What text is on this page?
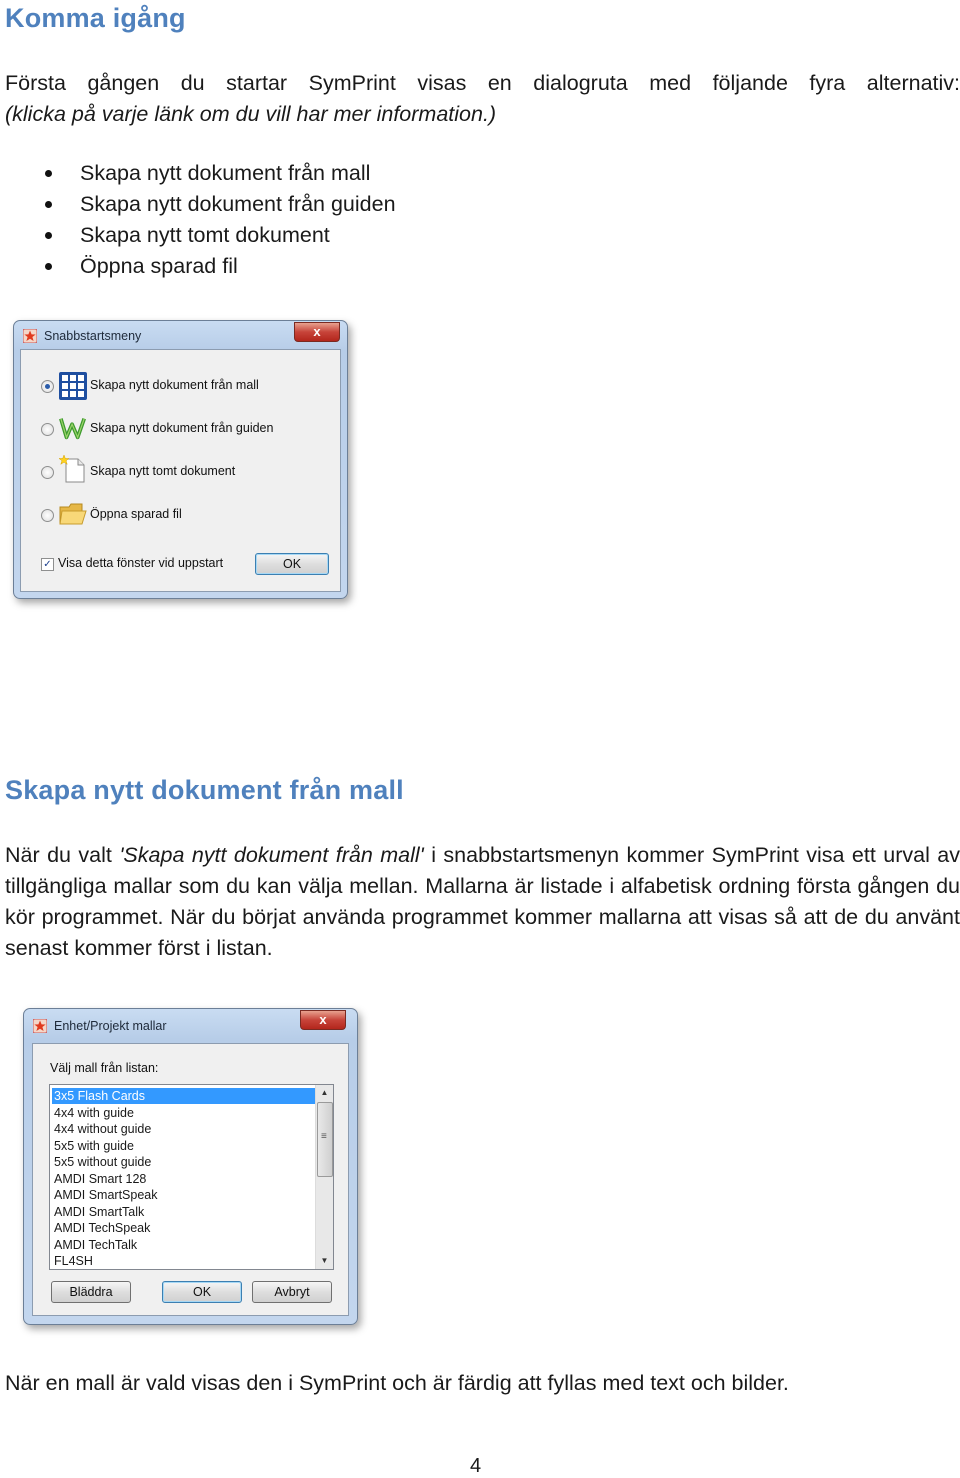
Komma igång

Första gången du startar SymPrint visas en dialogruta med följande fyra alternativ:
(klicka på varje länk om du vill har mer information.)

Skapa nytt dokument från mall
Skapa nytt dokument från guiden
Skapa nytt tomt dokument
Öppna sparad fil
Snabbstartsmeny	x
Skapa nytt dokument från mall
Skapa nytt dokument från guiden
Skapa nytt tomt dokument
Öppna sparad fil
✓ Visa detta fönster vid uppstart	OK
Skapa nytt dokument från mall

När du valt 'Skapa nytt dokument från mall' i snabbstartsmenyn kommer SymPrint visa ett urval av tillgängliga mallar som du kan välja mellan. Mallarna är listade i alfabetisk ordning första gången du kör programmet. När du börjat använda programmet kommer mallarna att visas så att de du använt senast kommer först i listan.

Enhet/Projekt mallar	x
Välj mall från listan:
3x5 Flash Cards
4x4 with guide
4x4 without guide
5x5 with guide
5x5 without guide
AMDI Smart 128
AMDI SmartSpeak
AMDI SmartTalk
AMDI TechSpeak
AMDI TechTalk
FL4SH
▲
≡
▼
Bläddra	OK	Avbryt

När en mall är vald visas den i SymPrint och är färdig att fyllas med text och bilder.

4
